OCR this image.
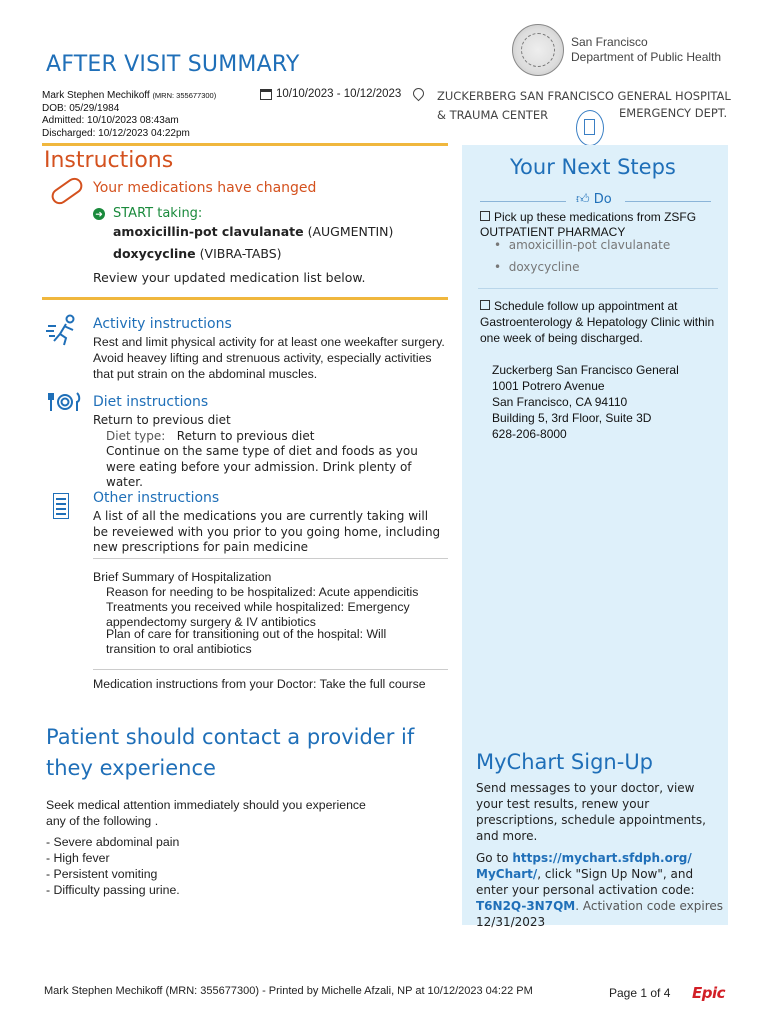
AFTER VISIT SUMMARY
San Francisco
Department of Public Health
Mark Stephen Mechikoff (MRN: 355677300)
DOB: 05/29/1984
Admitted: 10/10/2023 08:43am
Discharged: 10/12/2023 04:22pm
10/10/2023 - 10/12/2023	ZUCKERBERG SAN FRANCISCO GENERAL HOSPITAL
& TRAUMA CENTER	EMERGENCY DEPT.
Instructions
Your medications have changed
➜ START taking:
amoxicillin-pot clavulanate (AUGMENTIN)
doxycycline (VIBRA-TABS)
Review your updated medication list below.
Activity instructions
Rest and limit physical activity for at least one weekafter surgery. Avoid heavey lifting and strenuous activity, especially activities that put strain on the abdominal muscles.
Diet instructions
Return to previous diet
Diet type: Return to previous diet
Continue on the same type of diet and foods as you were eating before your admission. Drink plenty of water.
Other instructions
A list of all the medications you are currently taking will be reveiewed with you prior to you going home, including new prescriptions for pain medicine
Brief Summary of Hospitalization
Reason for needing to be hospitalized: Acute appendicitis
Treatments you received while hospitalized: Emergency appendectomy surgery & IV antibiotics
Plan of care for transitioning out of the hospital: Will transition to oral antibiotics
Medication instructions from your Doctor: Take the full course
Patient should contact a provider if they experience
Seek medical attention immediately should you experience any of the following .
- Severe abdominal pain
- High fever
- Persistent vomiting
- Difficulty passing urine.
Your Next Steps
👍︎ Do
Pick up these medications from ZSFG OUTPATIENT PHARMACY
•  amoxicillin-pot clavulanate
•  doxycycline
Schedule follow up appointment at Gastroenterology & Hepatology Clinic within one week of being discharged.
Zuckerberg San Francisco General
1001 Potrero Avenue
San Francisco, CA 94110
Building 5, 3rd Floor, Suite 3D
628-206-8000
MyChart Sign-Up
Send messages to your doctor, view your test results, renew your prescriptions, schedule appointments, and more.
Go to https://mychart.sfdph.org/ MyChart/, click "Sign Up Now", and enter your personal activation code:
T6N2Q-3N7QM. Activation code expires
12/31/2023
Mark Stephen Mechikoff (MRN: 355677300) - Printed by Michelle Afzali, NP at 10/12/2023 04:22 PM	Page 1 of 4 Epic
